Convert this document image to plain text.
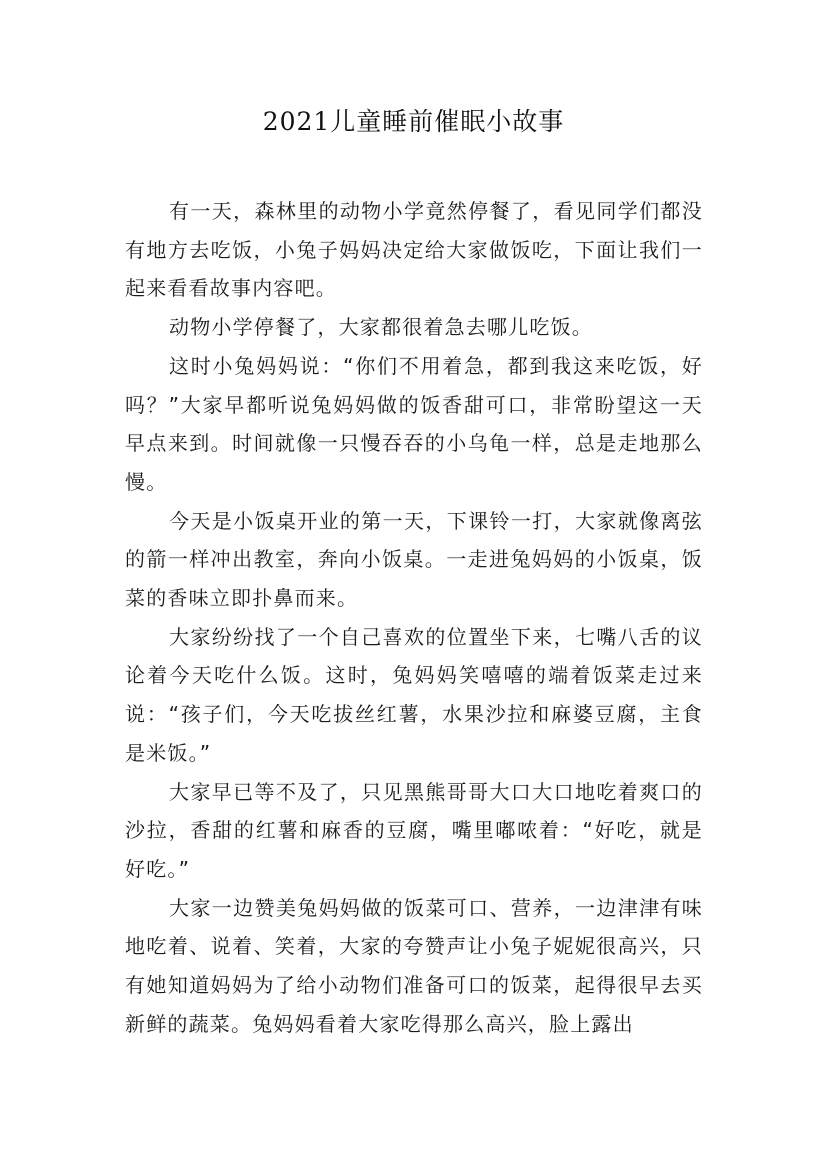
2021儿童睡前催眠小故事

有一天，森林里的动物小学竟然停餐了，看见同学们都没有地方去吃饭，小兔子妈妈决定给大家做饭吃，下面让我们一起来看看故事内容吧。

动物小学停餐了，大家都很着急去哪儿吃饭。

这时小兔妈妈说：“你们不用着急，都到我这来吃饭，好吗？”大家早都听说兔妈妈做的饭香甜可口，非常盼望这一天早点来到。时间就像一只慢吞吞的小乌龟一样，总是走地那么慢。

今天是小饭桌开业的第一天，下课铃一打，大家就像离弦的箭一样冲出教室，奔向小饭桌。一走进兔妈妈的小饭桌，饭菜的香味立即扑鼻而来。

大家纷纷找了一个自己喜欢的位置坐下来，七嘴八舌的议论着今天吃什么饭。这时，兔妈妈笑嘻嘻的端着饭菜走过来说：“孩子们，今天吃拔丝红薯，水果沙拉和麻婆豆腐，主食是米饭。”

大家早已等不及了，只见黑熊哥哥大口大口地吃着爽口的沙拉，香甜的红薯和麻香的豆腐，嘴里嘟哝着：“好吃，就是好吃。”

大家一边赞美兔妈妈做的饭菜可口、营养，一边津津有味地吃着、说着、笑着，大家的夸赞声让小兔子妮妮很高兴，只有她知道妈妈为了给小动物们准备可口的饭菜，起得很早去买新鲜的蔬菜。兔妈妈看着大家吃得那么高兴，脸上露出
